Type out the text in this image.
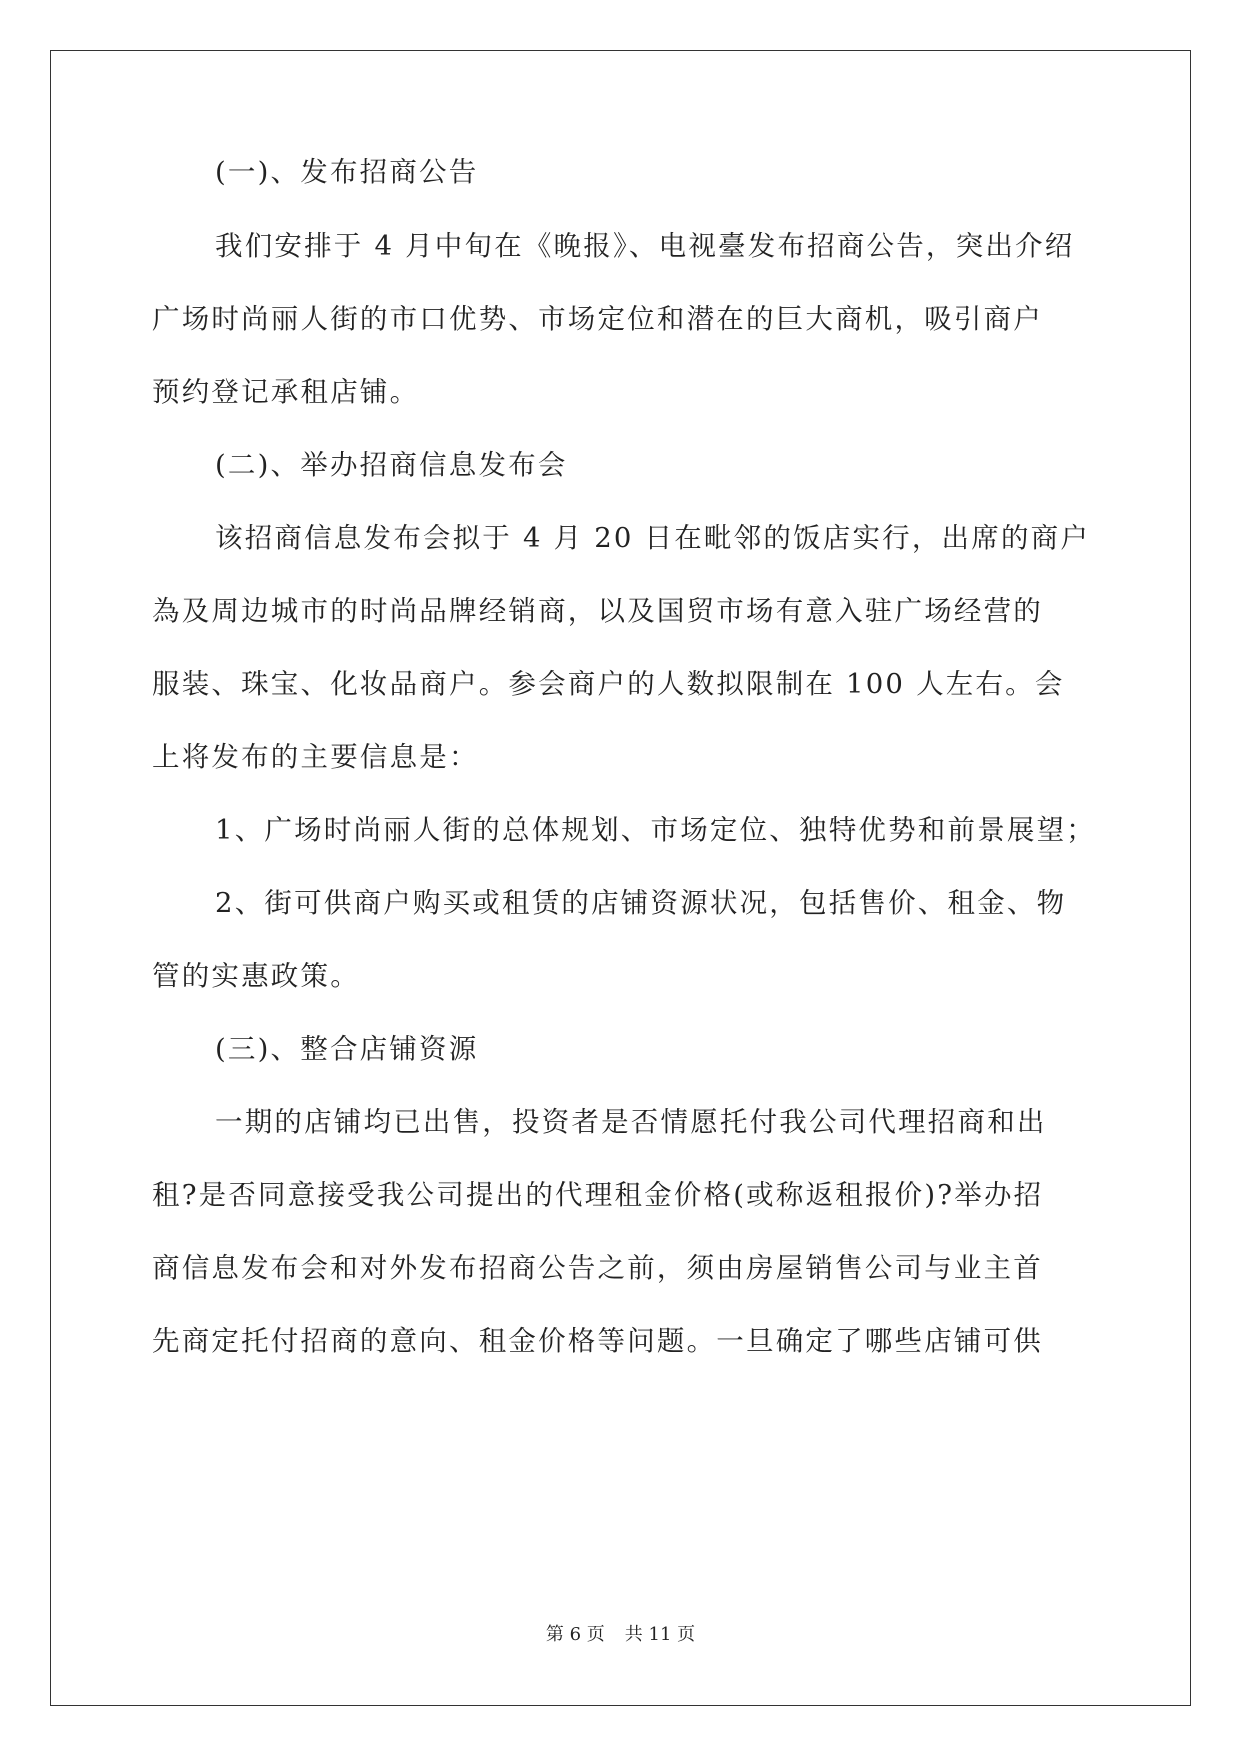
(一)、发布招商公告
我们安排于 4 月中旬在《晚报》、电视臺发布招商公告，突出介绍
广场时尚丽人街的市口优势、市场定位和潜在的巨大商机，吸引商户
预约登记承租店铺。
(二)、举办招商信息发布会
该招商信息发布会拟于 4 月 20 日在毗邻的饭店实行，出席的商户
為及周边城市的时尚品牌经销商，以及国贸市场有意入驻广场经营的
服装、珠宝、化妆品商户。参会商户的人数拟限制在 100 人左右。会
上将发布的主要信息是：
1、广场时尚丽人街的总体规划、市场定位、独特优势和前景展望；
2、街可供商户购买或租赁的店铺资源状况，包括售价、租金、物
管的实惠政策。
(三)、整合店铺资源
一期的店铺均已出售，投资者是否情愿托付我公司代理招商和出
租?是否同意接受我公司提出的代理租金价格(或称返租报价)?举办招
商信息发布会和对外发布招商公告之前，须由房屋销售公司与业主首
先商定托付招商的意向、租金价格等问题。一旦确定了哪些店铺可供
第 6 页 共 11 页
